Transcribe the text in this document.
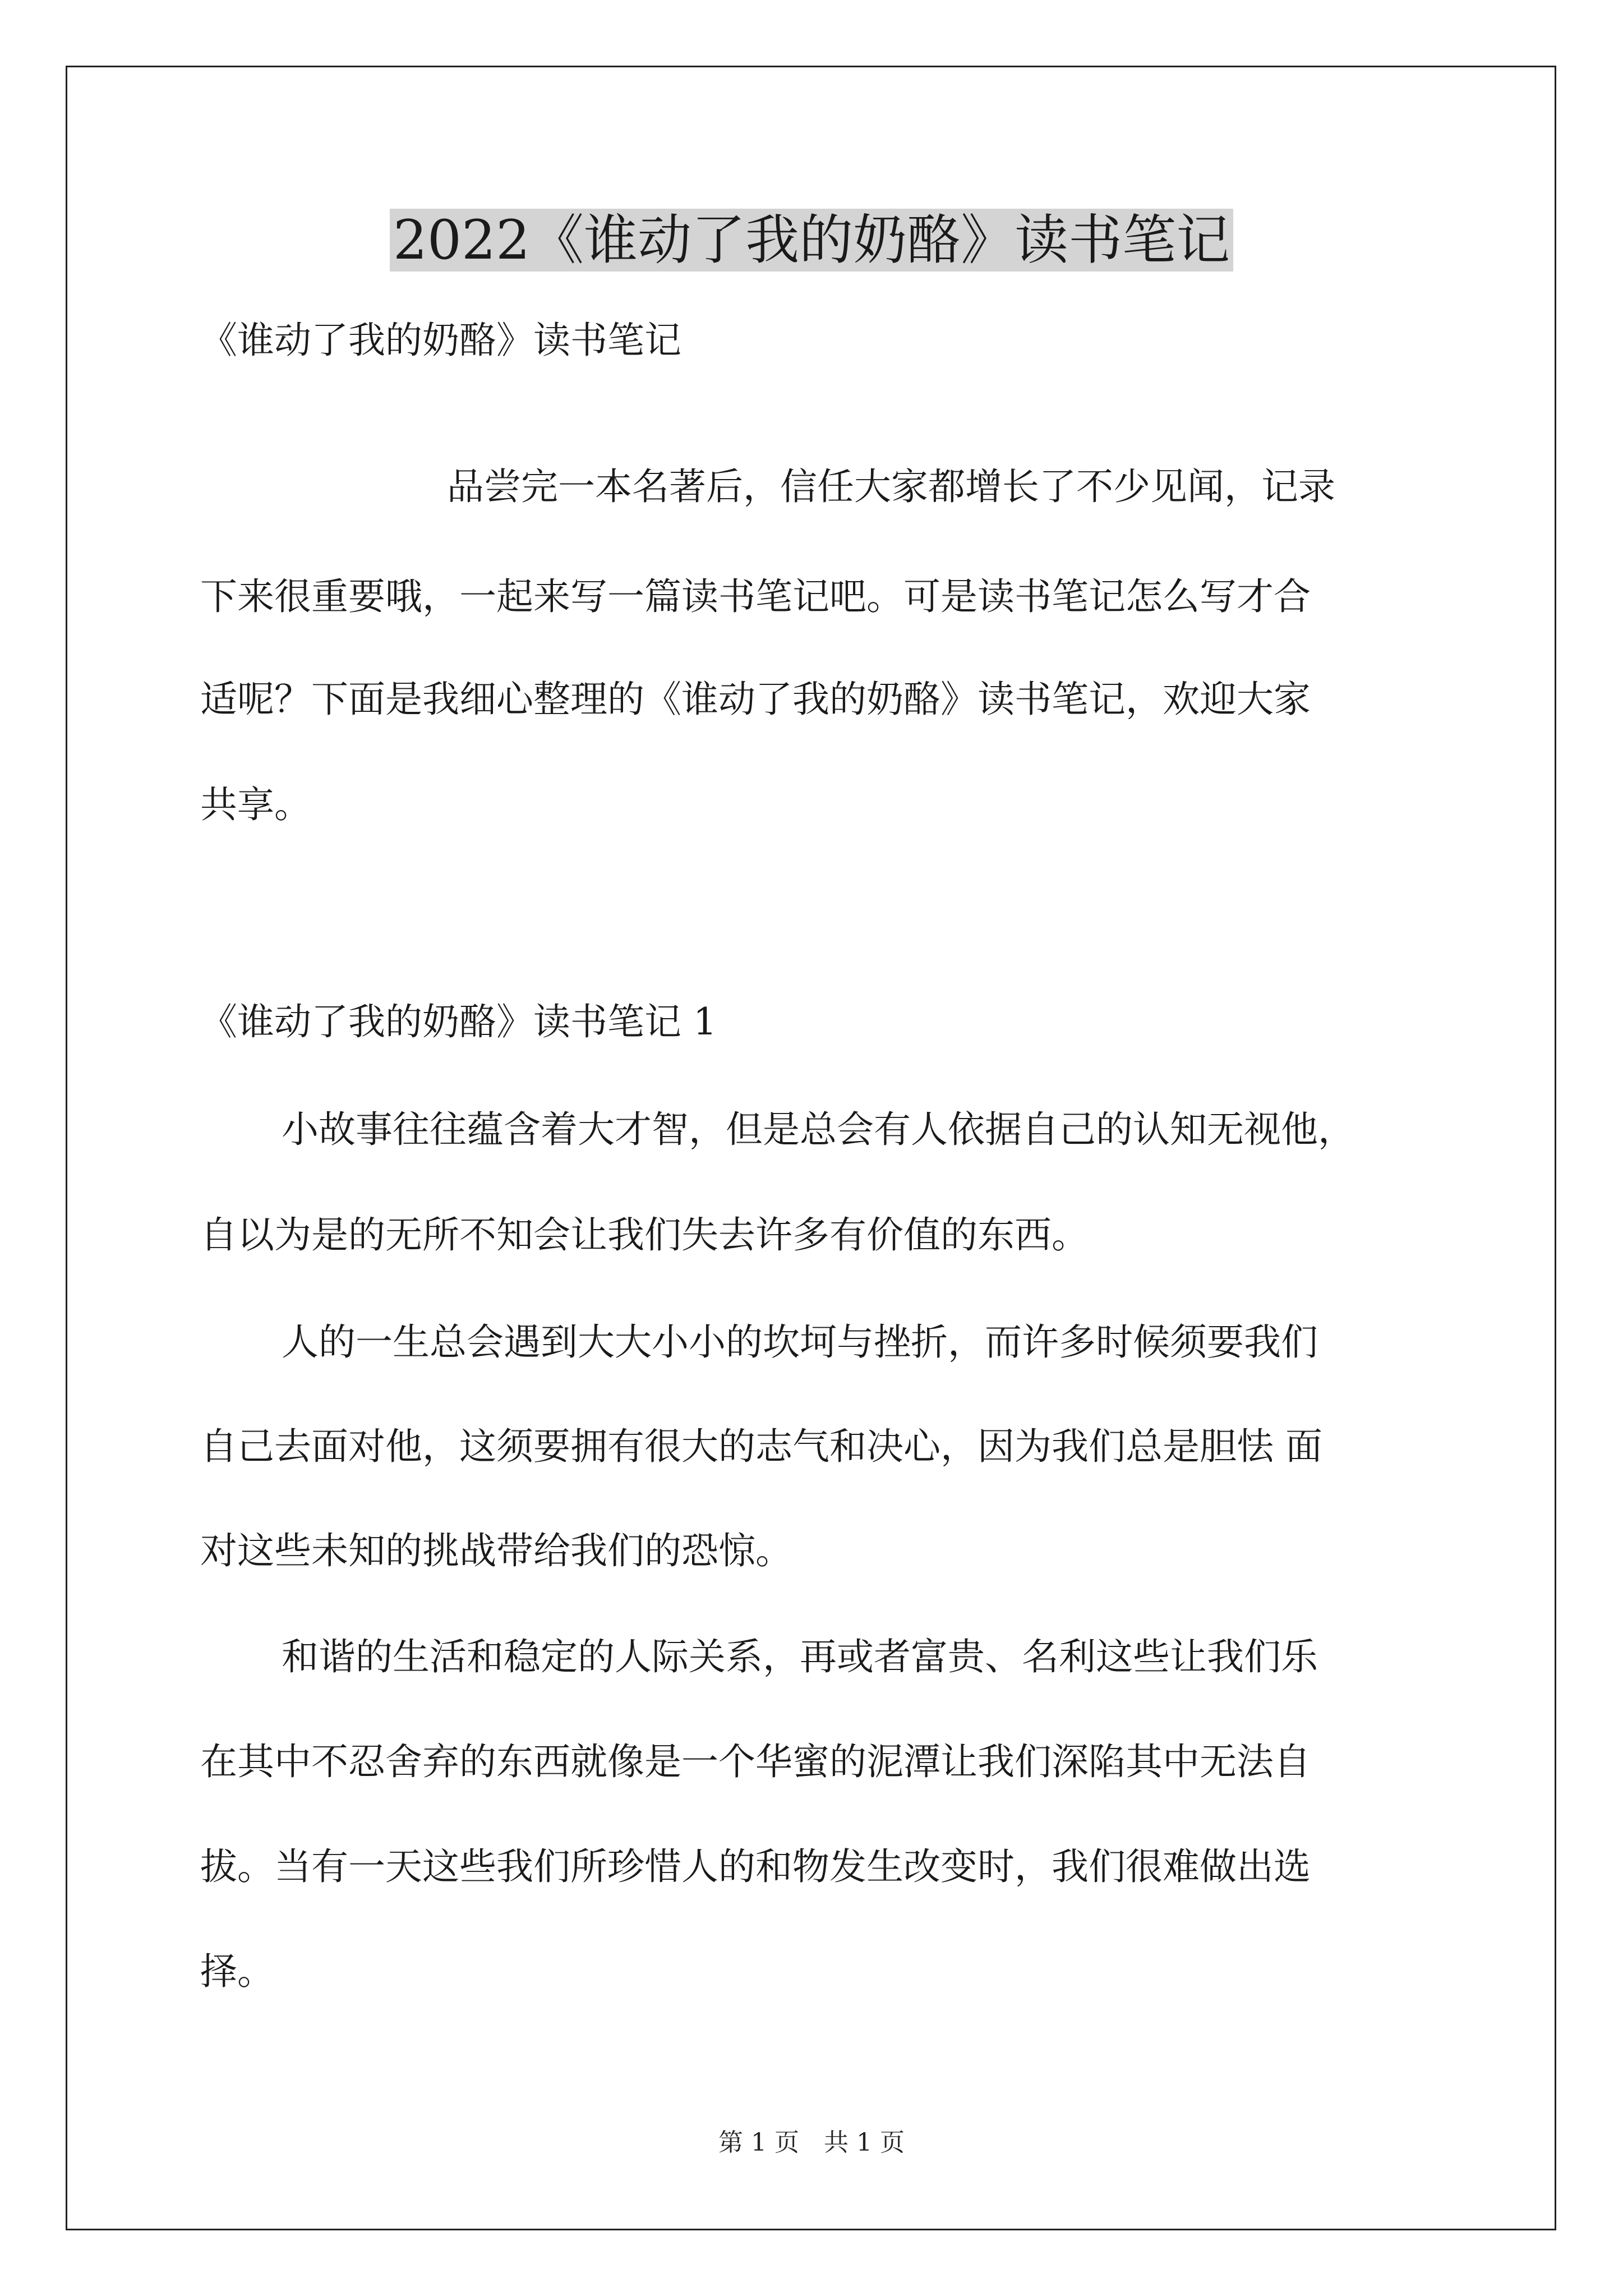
2022《谁动了我的奶酪》读书笔记
《谁动了我的奶酪》读书笔记
品尝完一本名著后，信任大家都增长了不少见闻，记录
下来很重要哦，一起来写一篇读书笔记吧。可是读书笔记怎么写才合
适呢？下面是我细心整理的《谁动了我的奶酪》读书笔记，欢迎大家
共享。
《谁动了我的奶酪》读书笔记 1
小故事往往蕴含着大才智，但是总会有人依据自己的认知无视他，
自以为是的无所不知会让我们失去许多有价值的东西。
人的一生总会遇到大大小小的坎坷与挫折，而许多时候须要我们
自己去面对他，这须要拥有很大的志气和决心，因为我们总是胆怯 面
对这些未知的挑战带给我们的恐惊。
和谐的生活和稳定的人际关系，再或者富贵、名利这些让我们乐
在其中不忍舍弃的东西就像是一个华蜜的泥潭让我们深陷其中无法自
拔。当有一天这些我们所珍惜人的和物发生改变时，我们很难做出选
择。
第 1 页　共 1 页
